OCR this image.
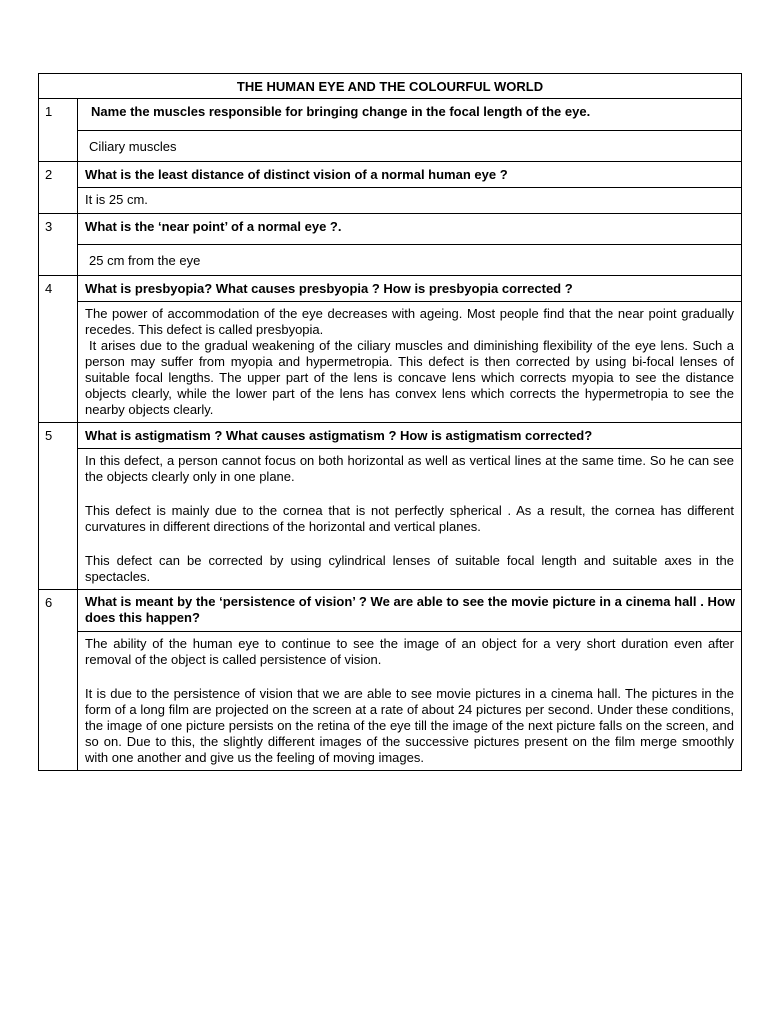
THE HUMAN EYE AND THE COLOURFUL WORLD	
1	Name the muscles responsible for bringing change in the focal length of the eye.

	Ciliary muscles

2	What is the least distance of distinct vision of a normal human eye ?

	It is 25 cm.

3	What is the ‘near point’ of a normal eye ?.

	25 cm from the eye

4	What is presbyopia? What causes presbyopia ? How is presbyopia corrected ?

	The power of accommodation of the eye decreases with ageing. Most people find that the near point gradually recedes. This defect is called presbyopia.

It arises due to the gradual weakening of the ciliary muscles and diminishing flexibility of the eye lens. Such a person may suffer from myopia and hypermetropia. This defect is then corrected by using bi-focal lenses of suitable focal lengths. The upper part of the lens is concave lens which corrects myopia to see the distance objects clearly, while the lower part of the lens has convex lens which corrects the hypermetropia to see the nearby objects clearly.

5	What is astigmatism ? What causes astigmatism ? How is astigmatism corrected?

	In this defect, a person cannot focus on both horizontal as well as vertical lines at the same time. So he can see the objects clearly only in one plane.

This defect is mainly due to the cornea that is not perfectly spherical . As a result, the cornea has different curvatures in different directions of the horizontal and vertical planes.

This defect can be corrected by using cylindrical lenses of suitable focal length and suitable axes in the spectacles.

6	What is meant by the ‘persistence of vision’ ? We are able to see the movie picture in a cinema hall . How does this happen?

	The ability of the human eye to continue to see the image of an object for a very short duration even after removal of the object is called persistence of vision.

It is due to the persistence of vision that we are able to see movie pictures in a cinema hall. The pictures in the form of a long film are projected on the screen at a rate of about 24 pictures per second. Under these conditions, the image of one picture persists on the retina of the eye till the image of the next picture falls on the screen, and so on. Due to this, the slightly different images of the successive pictures present on the film merge smoothly with one another and give us the feeling of moving images.
